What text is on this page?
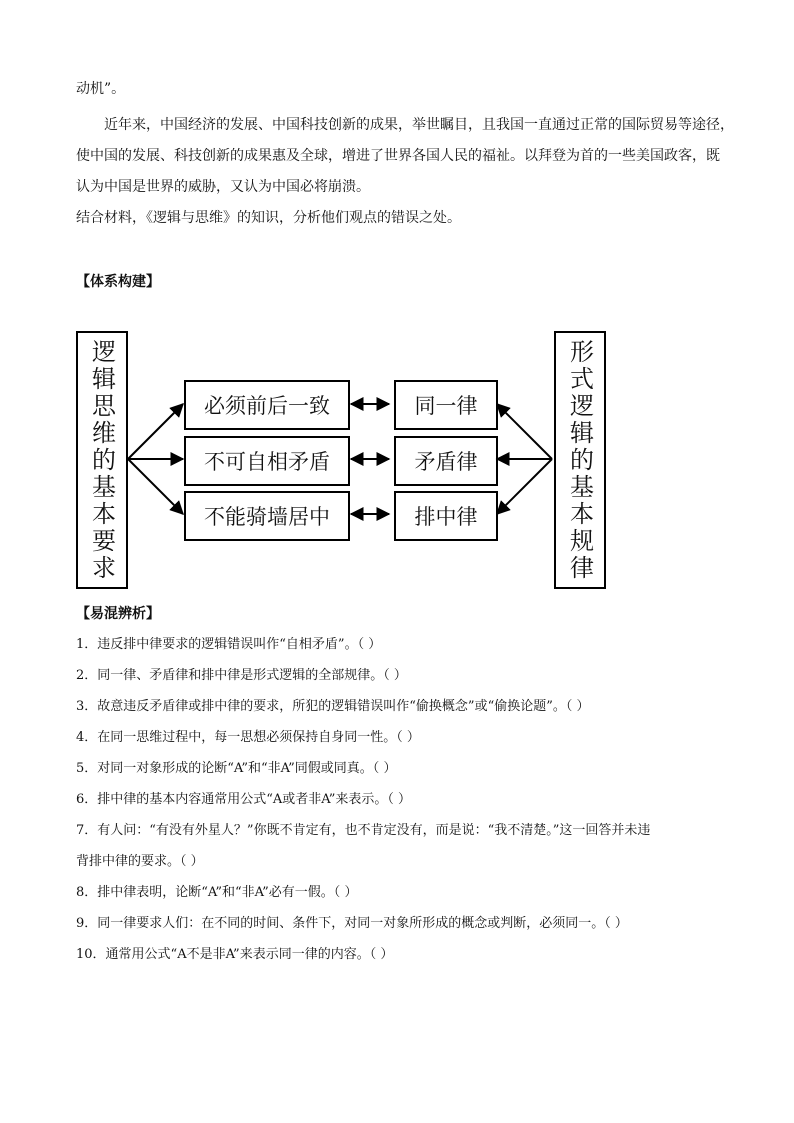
动机”。
近年来，中国经济的发展、中国科技创新的成果，举世瞩目，且我国一直通过正常的国际贸易等途径，
使中国的发展、科技创新的成果惠及全球，增进了世界各国人民的福祉。以拜登为首的一些美国政客，既
认为中国是世界的威胁，又认为中国必将崩溃。
结合材料，《逻辑与思维》的知识，分析他们观点的错误之处。
【体系构建】
逻辑思维的基本要求	形式逻辑的基本规律
必须前后一致
不可自相矛盾
不能骑墙居中
同一律
矛盾律
排中律
【易混辨析】
1．违反排中律要求的逻辑错误叫作“自相矛盾”。（ ）
2．同一律、矛盾律和排中律是形式逻辑的全部规律。（ ）
3．故意违反矛盾律或排中律的要求，所犯的逻辑错误叫作“偷换概念”或“偷换论题”。（ ）
4．在同一思维过程中，每一思想必须保持自身同一性。（ ）
5．对同一对象形成的论断“A”和“非A”同假或同真。（ ）
6．排中律的基本内容通常用公式“A或者非A”来表示。（ ）
7．有人问：“有没有外星人？”你既不肯定有，也不肯定没有，而是说：“我不清楚。”这一回答并未违
背排中律的要求。（ ）
8．排中律表明，论断“A”和“非A”必有一假。（ ）
9．同一律要求人们：在不同的时间、条件下，对同一对象所形成的概念或判断，必须同一。（ ）
10．通常用公式“A不是非A”来表示同一律的内容。（ ）
